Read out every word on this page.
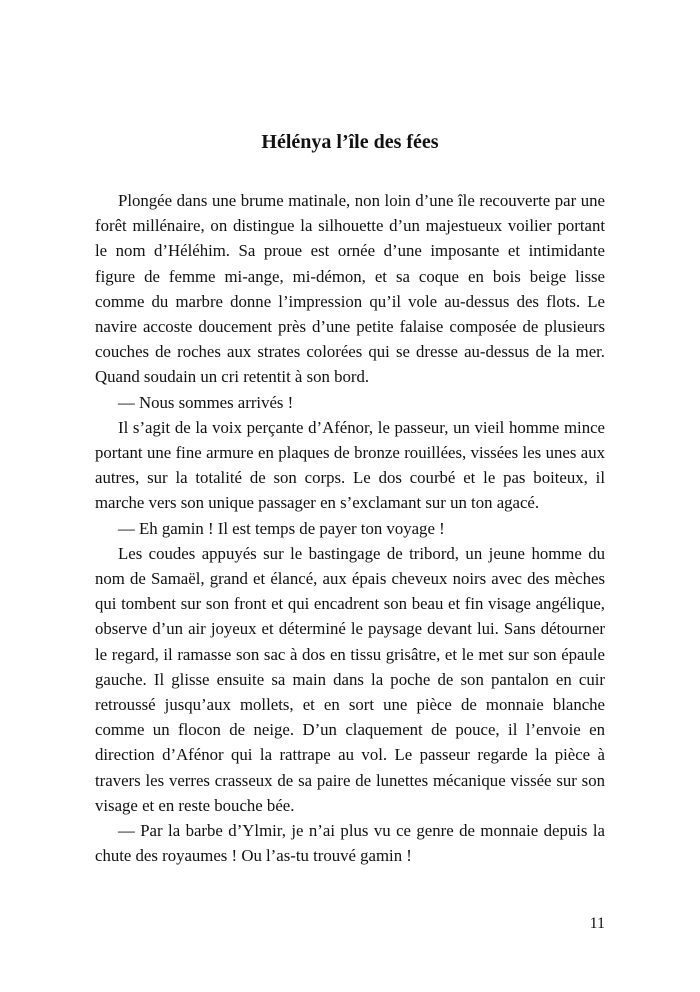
Hélénya l’île des fées

Plongée dans une brume matinale, non loin d’une île recouverte par une forêt millénaire, on distingue la silhouette d’un majestueux voilier portant le nom d’Héléhim. Sa proue est ornée d’une imposante et intimidante figure de femme mi-ange, mi-démon, et sa coque en bois beige lisse comme du marbre donne l’impression qu’il vole au-dessus des flots. Le navire accoste doucement près d’une petite falaise composée de plusieurs couches de roches aux strates colorées qui se dresse au-dessus de la mer. Quand soudain un cri retentit à son bord.

— Nous sommes arrivés !

Il s’agit de la voix perçante d’Afénor, le passeur, un vieil homme mince portant une fine armure en plaques de bronze rouillées, vissées les unes aux autres, sur la totalité de son corps. Le dos courbé et le pas boiteux, il marche vers son unique passager en s’exclamant sur un ton agacé.

— Eh gamin ! Il est temps de payer ton voyage !

Les coudes appuyés sur le bastingage de tribord, un jeune homme du nom de Samaël, grand et élancé, aux épais cheveux noirs avec des mèches qui tombent sur son front et qui encadrent son beau et fin visage angélique, observe d’un air joyeux et déterminé le paysage devant lui. Sans détourner le regard, il ramasse son sac à dos en tissu grisâtre, et le met sur son épaule gauche. Il glisse ensuite sa main dans la poche de son pantalon en cuir retroussé jusqu’aux mollets, et en sort une pièce de monnaie blanche comme un flocon de neige. D’un claquement de pouce, il l’envoie en direction d’Afénor qui la rattrape au vol. Le passeur regarde la pièce à travers les verres crasseux de sa paire de lunettes mécanique vissée sur son visage et en reste bouche bée.

— Par la barbe d’Ylmir, je n’ai plus vu ce genre de monnaie depuis la chute des royaumes ! Ou l’as-tu trouvé gamin !

11
